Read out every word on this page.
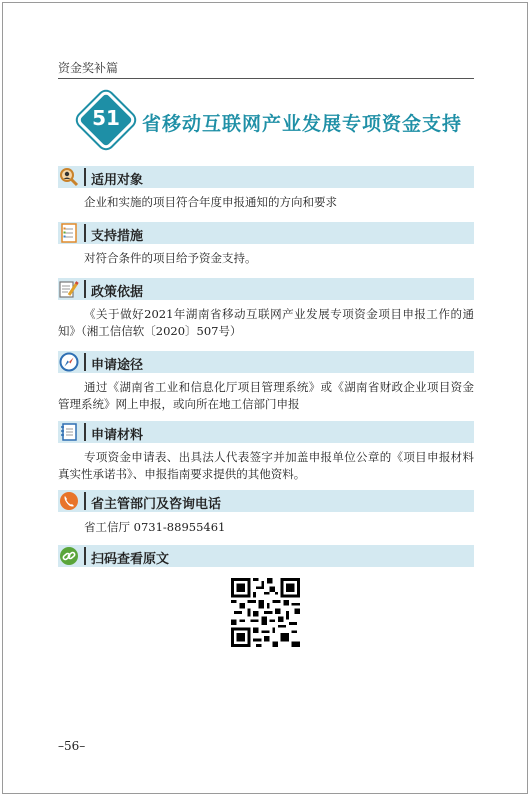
资金奖补篇
51	省移动互联网产业发展专项资金支持
适用对象
企业和实施的项目符合年度申报通知的方向和要求
支持措施
对符合条件的项目给予资金支持。
政策依据
《关于做好2021年湖南省移动互联网产业发展专项资金项目申报工作的通知》（湘工信信软〔2020〕507号）
申请途径
通过《湖南省工业和信息化厅项目管理系统》或《湖南省财政企业项目资金管理系统》网上申报，或向所在地工信部门申报
申请材料
专项资金申请表、出具法人代表签字并加盖申报单位公章的《项目申报材料真实性承诺书》、申报指南要求提供的其他资料。
省主管部门及咨询电话
省工信厅 0731-88955461
扫码查看原文
–56–
